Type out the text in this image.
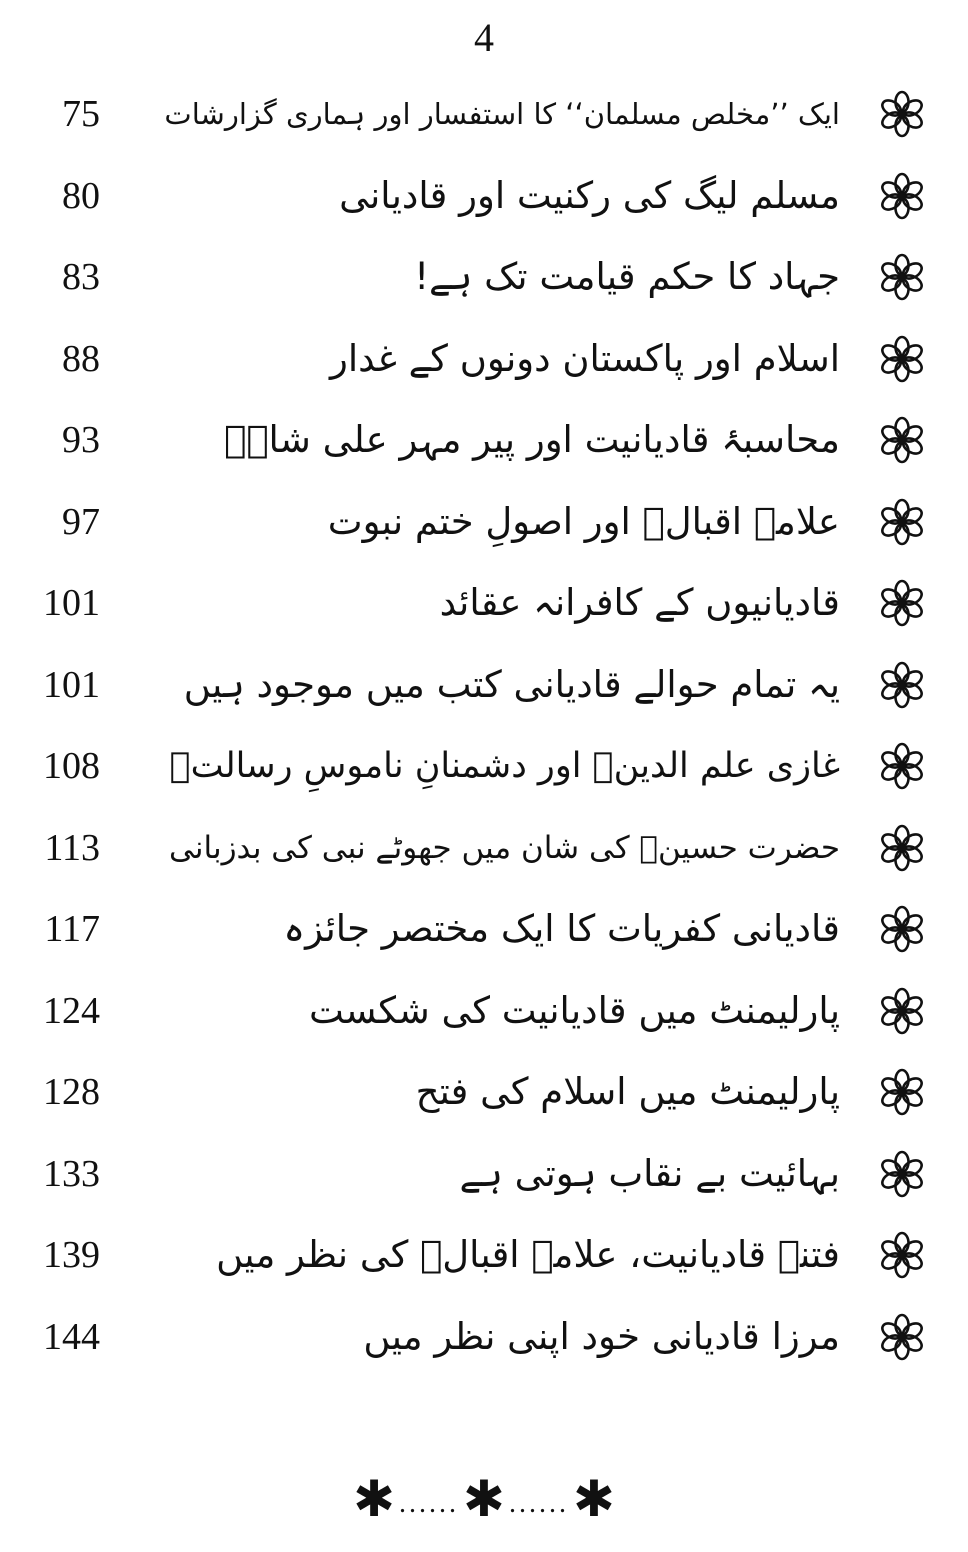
4
ایک ’’مخلص مسلمان‘‘ کا استفسار اور ہماری گزارشات
75
مسلم لیگ کی رکنیت اور قادیانی
80
جہاد کا حکم قیامت تک ہے!
83
اسلام اور پاکستان دونوں کے غدار
88
محاسبۂ قادیانیت اور پیر مہر علی شاہؒ
93
علامہ اقبالؒ اور اصولِ ختم نبوت
97
قادیانیوں کے کافرانہ عقائد
101
یہ تمام حوالے قادیانی کتب میں موجود ہیں
101
غازی علم الدینؒ اور دشمنانِ ناموسِ رسالتؐ
108
حضرت حسینؓ کی شان میں جھوٹے نبی کی بدزبانی
113
قادیانی کفریات کا ایک مختصر جائزہ
117
پارلیمنٹ میں قادیانیت کی شکست
124
پارلیمنٹ میں اسلام کی فتح
128
بہائیت بے نقاب ہوتی ہے
133
فتنۂ قادیانیت، علامہ اقبالؒ کی نظر میں
139
مرزا قادیانی خود اپنی نظر میں
144
✱ ...... ✱ ...... ✱
